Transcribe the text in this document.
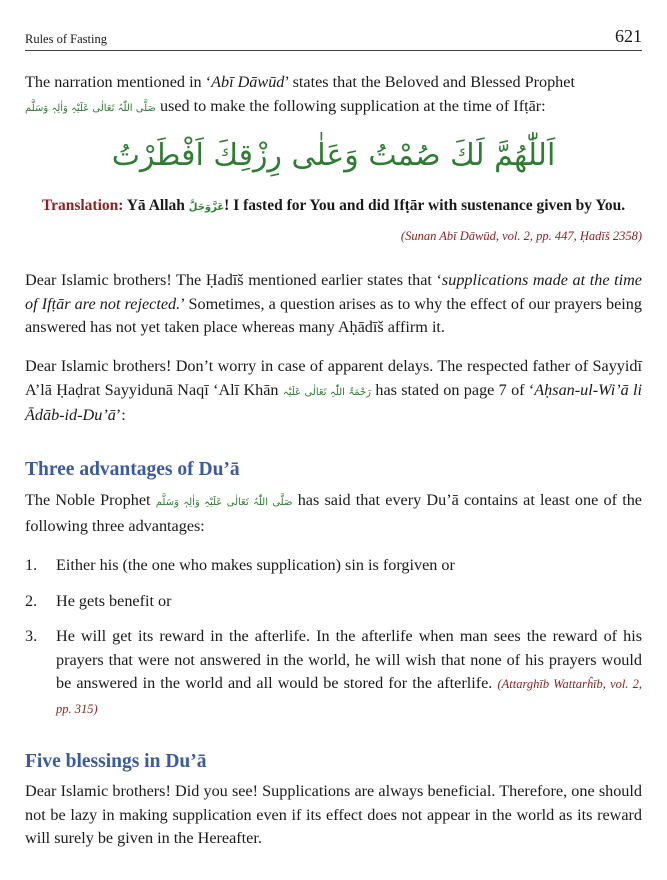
Rules of Fasting	621

The narration mentioned in ‘Abī Dāwūd’ states that the Beloved and Blessed Prophet
صَلَّی اللّٰہُ تَعَالٰی عَلَیْہِ وَاٰلِہٖ وَسَلَّم used to make the following supplication at the time of Ifṭār:

اَللّٰھُمَّ لَكَ صُمْتُ وَعَلٰی رِزْقِكَ اَفْطَرْتُ

Translation: Yā Allah عَزَّوَجَلَّ! I fasted for You and did Ifṭār with sustenance given by You.

(Sunan Abī Dāwūd, vol. 2, pp. 447, Ḥadīš 2358)

Dear Islamic brothers! The Ḥadīš mentioned earlier states that ‘supplications made at the time of Ifṭār are not rejected.’ Sometimes, a question arises as to why the effect of our prayers being answered has not yet taken place whereas many Aḥādīš affirm it.

Dear Islamic brothers! Don’t worry in case of apparent delays. The respected father of Sayyidī A’lā Ḥaḍrat Sayyidunā Naqī ‘Alī Khān رَحْمَۃُ اللّٰہِ تَعَالٰی عَلَیْہ has stated on page 7 of ‘Aḥsan-ul-Wi’ā li Ādāb-id-Du’ā’:

Three advantages of Du’ā

The Noble Prophet صَلَّی اللّٰہُ تَعَالٰی عَلَیْہِ وَاٰلِہٖ وَسَلَّم has said that every Du’ā contains at least one of the following three advantages:

1. Either his (the one who makes supplication) sin is forgiven or
2. He gets benefit or
3. He will get its reward in the afterlife. In the afterlife when man sees the reward of his prayers that were not answered in the world, he will wish that none of his prayers would be answered in the world and all would be stored for the afterlife. (Attarghīb Wattarĥīb, vol. 2, pp. 315)
Five blessings in Du’ā

Dear Islamic brothers! Did you see! Supplications are always beneficial. Therefore, one should not be lazy in making supplication even if its effect does not appear in the world as its reward will surely be given in the Hereafter.
